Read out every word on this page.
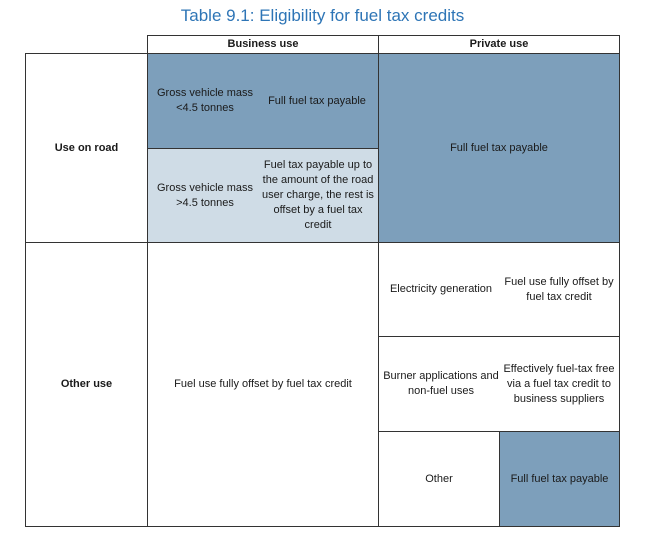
Table 9.1: Eligibility for fuel tax credits
Business use	Private use
Use on road
Other use
Gross vehicle mass <4.5 tonnes
Full fuel tax payable
Gross vehicle mass >4.5 tonnes
Fuel tax payable up to the amount of the road user charge, the rest is offset by a fuel tax credit
Full fuel tax payable
Fuel use fully offset by fuel tax credit
Electricity generation
Fuel use fully offset by fuel tax credit
Burner applications and non-fuel uses
Effectively fuel-tax free via a fuel tax credit to business suppliers
Other	Full fuel tax payable
